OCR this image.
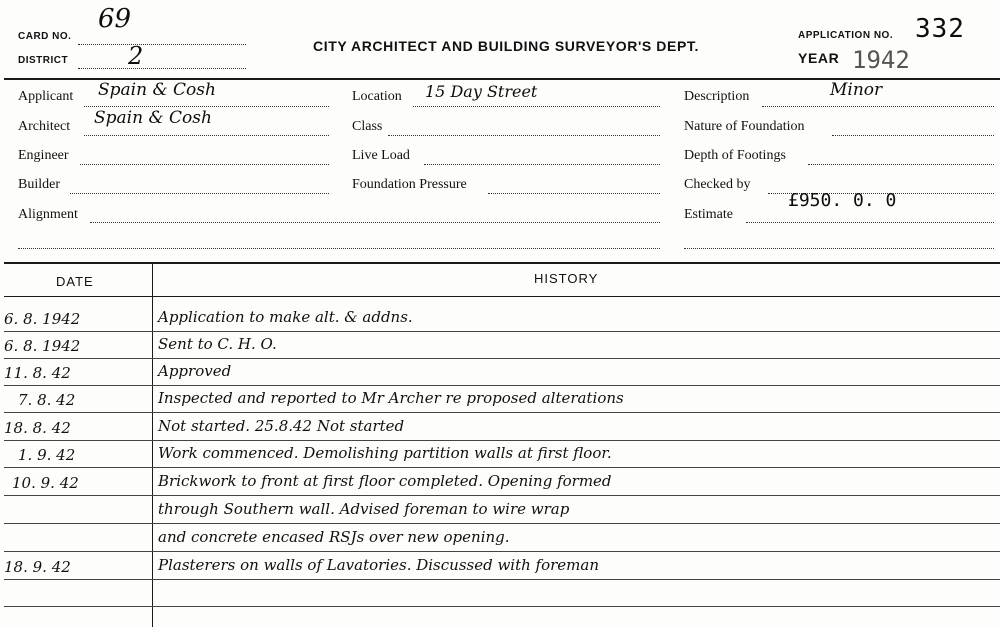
CARD NO.
69
DISTRICT 2	CITY ARCHITECT AND BUILDING SURVEYOR'S DEPT.
APPLICATION NO. 332
YEAR 1942
Applicant Spain & Cosh
Architect Spain & Cosh
Engineer
Builder
Alignment
Location 15 Day Street
Class
Live Load
Foundation Pressure
Description	Minor
Nature of Foundation
Depth of Footings
Checked by
Estimate
£950. 0. 0
DATE	HISTORY
6. 8. 1942	Application to make alt. & addns.
6. 8. 1942	Sent to C. H. O.
11. 8. 42	Approved
7. 8. 42	Inspected and reported to Mr Archer re proposed alterations
18. 8. 42	Not started. 25.8.42 Not started
1. 9. 42	Work commenced. Demolishing partition walls at first floor.
10. 9. 42	Brickwork to front at first floor completed. Opening formed
through Southern wall. Advised foreman to wire wrap
and concrete encased RSJs over new opening.
18. 9. 42	Plasterers on walls of Lavatories. Discussed with foreman
